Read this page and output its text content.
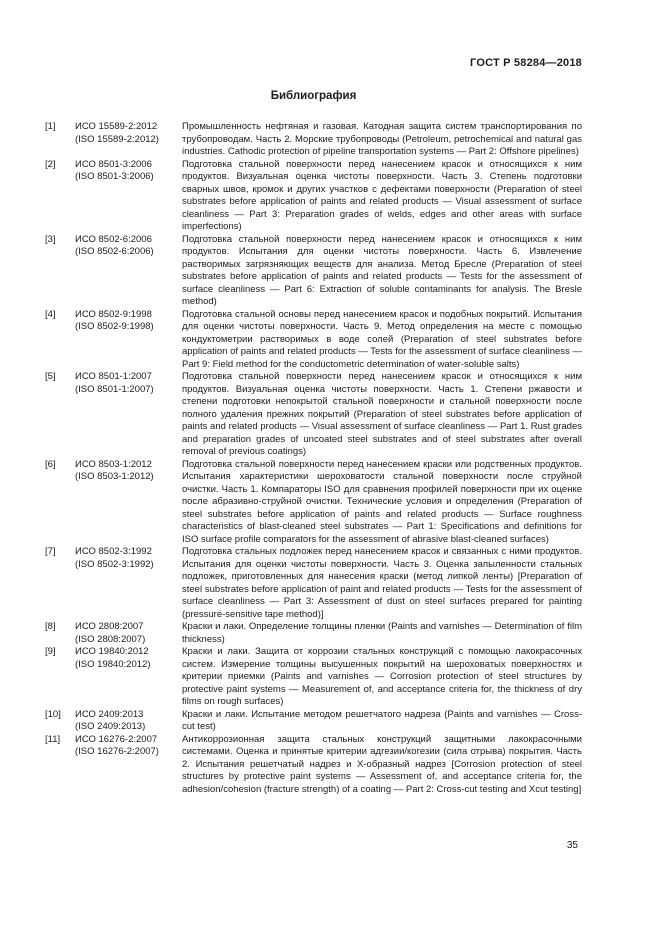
ГОСТ Р 58284—2018
Библиография
[1]	ИСО 15589-2:2012
(ISO 15589-2:2012)
Промышленность нефтяная и газовая. Катодная защита систем транспортирования по трубопроводам. Часть 2. Морские трубопроводы (Petroleum, petrochemical and natural gas industries. Cathodic protection of pipeline transportation systems — Part 2: Offshore pipelines)
[2]	ИСО 8501-3:2006
(ISO 8501-3:2006)
Подготовка стальной поверхности перед нанесением красок и относящихся к ним продуктов. Визуальная оценка чистоты поверхности. Часть 3. Степень подготовки сварных швов, кромок и других участков с дефектами поверхности (Preparation of steel substrates before application of paints and related products — Visual assessment of surface cleanliness — Part 3: Preparation grades of welds, edges and other areas with surface imperfections)
[3]	ИСО 8502-6:2006
(ISO 8502-6:2006)
Подготовка стальной поверхности перед нанесением красок и относящихся к ним продуктов. Испытания для оценки чистоты поверхности. Часть 6. Извлечение растворимых загрязняющих веществ для анализа. Метод Бресле (Preparation of steel substrates before application of paints and related products — Tests for the assessment of surface cleanliness — Part 6: Extraction of soluble contaminants for analysis. The Bresle method)
[4]	ИСО 8502-9:1998
(ISO 8502-9:1998)
Подготовка стальной основы перед нанесением красок и подобных покрытий. Испытания для оценки чистоты поверхности. Часть 9. Метод определения на месте с помощью кондуктометрии растворимых в воде солей (Preparation of steel substrates before application of paints and related products — Tests for the assessment of surface cleanliness — Part 9: Field method for the conductometric determination of water-soluble salts)
[5]	ИСО 8501-1:2007
(ISO 8501-1:2007)
Подготовка стальной поверхности перед нанесением красок и относящихся к ним продуктов. Визуальная оценка чистоты поверхности. Часть 1. Степени ржавости и степени подготовки непокрытой стальной поверхности и стальной поверхности после полного удаления прежних покрытий (Preparation of steel substrates before application of paints and related products — Visual assessment of surface cleanliness — Part 1. Rust grades and preparation grades of uncoated steel substrates and of steel substrates after overall removal of previous coatings)
[6]	ИСО 8503-1:2012
(ISO 8503-1:2012)
Подготовка стальной поверхности перед нанесением краски или родственных продуктов. Испытания характеристики шероховатости стальной поверхности после струйной очистки. Часть 1. Компараторы ISO для сравнения профилей поверхности при их оценке после абразивно-струйной очистки. Технические условия и определения (Preparation of steel substrates before application of paints and related products — Surface roughness characteristics of blast-cleaned steel substrates — Part 1: Specifications and definitions for ISO surface profile comparators for the assessment of abrasive blast-cleaned surfaces)
[7]	ИСО 8502-3:1992
(ISO 8502-3:1992)
Подготовка стальных подложек перед нанесением красок и связанных с ними продуктов. Испытания для оценки чистоты поверхности. Часть 3. Оценка запыленности стальных подложек, приготовленных для нанесения краски (метод липкой ленты) [Preparation of steel substrates before application of paint and related products — Tests for the assessment of surface cleanliness — Part 3: Assessment of dust on steel surfaces prepared for painting (pressure-sensitive tape method)]
[8]	ИСО 2808:2007
(ISO 2808:2007)
Краски и лаки. Определение толщины пленки (Paints and varnishes — Determination of film thickness)
[9]	ИСО 19840:2012
(ISO 19840:2012)
Краски и лаки. Защита от коррозии стальных конструкций с помощью лакокрасочных систем. Измерение толщины высушенных покрытий на шероховатых поверхностях и критерии приемки (Paints and varnishes — Corrosion protection of steel structures by protective paint systems — Measurement of, and acceptance criteria for, the thickness of dry films on rough surfaces)
[10]	ИСО 2409:2013
(ISO 2409:2013)
Краски и лаки. Испытание методом решетчатого надреза (Paints and varnishes — Cross-cut test)
[11]	ИСО 16276-2:2007
(ISO 16276-2:2007)
Антикоррозионная защита стальных конструкций защитными лакокрасочными системами. Оценка и принятые критерии адгезии/когезии (сила отрыва) покрытия. Часть 2. Испытания решетчатый надрез и X-образный надрез [Corrosion protection of steel structures by protective paint systems — Assessment of, and acceptance criteria for, the adhesion/cohesion (fracture strength) of a coating — Part 2: Cross-cut testing and Xcut testing]
35
